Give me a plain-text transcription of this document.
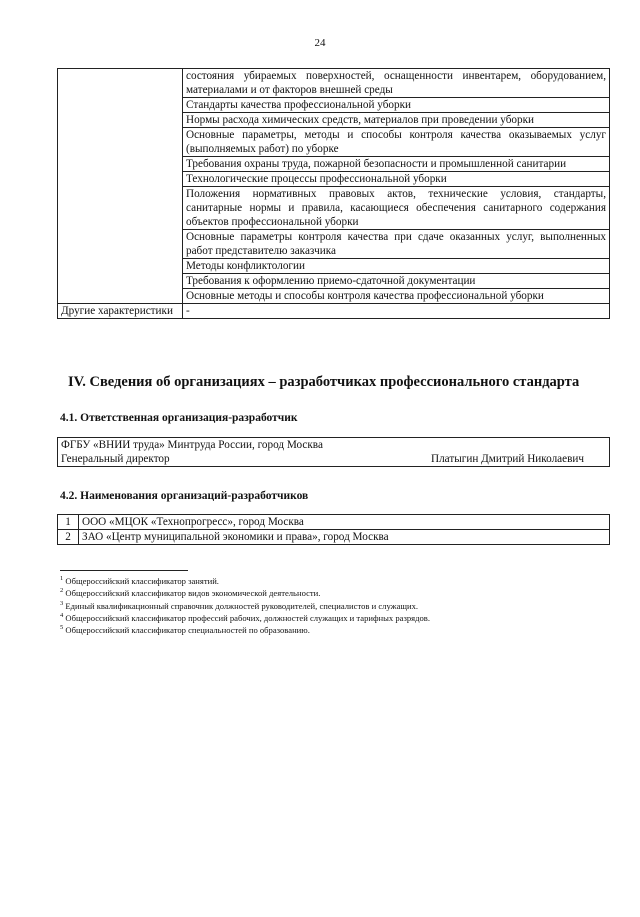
24
	состояния убираемых поверхностей, оснащенности инвентарем, оборудованием, материалами и от факторов внешней среды
	Стандарты качества профессиональной уборки
	Нормы расхода химических средств, материалов при проведении уборки
	Основные параметры, методы и способы контроля качества оказываемых услуг (выполняемых работ) по уборке
	Требования охраны труда, пожарной безопасности и промышленной санитарии
	Технологические процессы профессиональной уборки
	Положения нормативных правовых актов, технические условия, стандарты, санитарные нормы и правила, касающиеся обеспечения санитарного содержания объектов профессиональной уборки
	Основные параметры контроля качества при сдаче оказанных услуг, выполненных работ представителю заказчика
	Методы конфликтологии
	Требования к оформлению приемо-сдаточной документации
	Основные методы и способы контроля качества профессиональной уборки
Другие характеристики	-
IV. Сведения об организациях – разработчиках профессионального стандарта
4.1. Ответственная организация-разработчик
ФГБУ «ВНИИ труда» Минтруда России, город Москва

Генеральный директор	Платыгин Дмитрий Николаевич
4.2. Наименования организаций-разработчиков
1	ООО «МЦОК «Технопрогресс», город Москва
2	ЗАО «Центр муниципальной экономики и права», город Москва
$^1$ Общероссийский классификатор занятий.
$^2$ Общероссийский классификатор видов экономической деятельности.
$^3$ Единый квалификационный справочник должностей руководителей, специалистов и служащих.
$^4$ Общероссийский классификатор профессий рабочих, должностей служащих и тарифных разрядов.
$^5$ Общероссийский классификатор специальностей по образованию.
